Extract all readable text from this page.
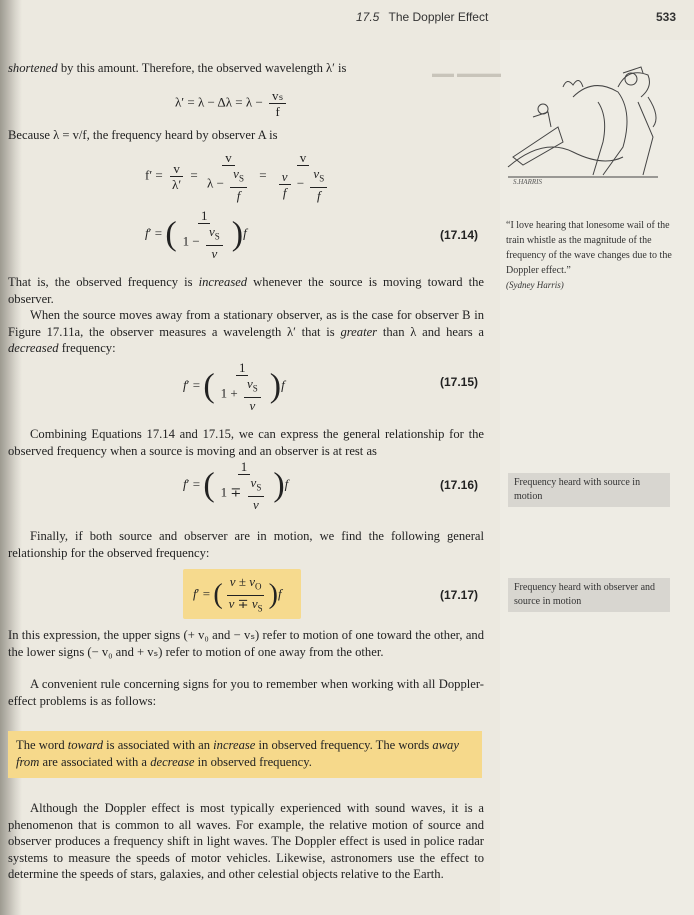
▬▬ ▬▬▬▬
17.5 The Doppler Effect	533

shortened by this amount. Therefore, the observed wavelength λ′ is

$\lambda' = \lambda - \Delta\lambda = \lambda - \frac{\text{vₛ}}{f}$

Because λ = v/f, the frequency heard by observer A is

$f' = \frac{v}{\lambda'} = \frac{v}{\lambda - \frac{v_S}{f}} = \frac{v}{\frac{v}{f} - \frac{v_S}{f}}$
f′ = ( $\frac{1}{1 - \frac{v_S}{v}} )f$	(17.14)

That is, the observed frequency is increased whenever the source is moving toward the observer.

When the source moves away from a stationary observer, as is the case for observer B in Figure 17.11a, the observer measures a wavelength λ′ that is greater than λ and hears a decreased frequency:

f′ = ( $\frac{1}{1 + \frac{v_S}{v}} )f$	(17.15)

Combining Equations 17.14 and 17.15, we can express the general relationship for the observed frequency when a source is moving and an observer is at rest as

f′ = ( $\frac{1}{1 \mp \frac{v_S}{v}} )f$	(17.16)

Finally, if both source and observer are in motion, we find the following general relationship for the observed frequency:

f′ = ( $\frac{v \pm v_O}{v \mp v_S} )f$	(17.17)

In this expression, the upper signs (+ v₀ and − vₛ) refer to motion of one toward the other, and the lower signs (− v₀ and + vₛ) refer to motion of one away from the other.

A convenient rule concerning signs for you to remember when working with all Doppler-effect problems is as follows:

The word toward is associated with an increase in observed frequency. The words away from are associated with a decrease in observed frequency.

Although the Doppler effect is most typically experienced with sound waves, it is a phenomenon that is common to all waves. For example, the relative motion of source and observer produces a frequency shift in light waves. The Doppler effect is used in police radar systems to measure the speeds of motor vehicles. Likewise, astronomers use the effect to determine the speeds of stars, galaxies, and other celestial objects relative to the Earth.

S.HARRIS
“I love hearing that lonesome wail of the train whistle as the magnitude of the frequency of the wave changes due to the Doppler effect.”
(Sydney Harris)
Frequency heard with source in motion
Frequency heard with observer and source in motion
